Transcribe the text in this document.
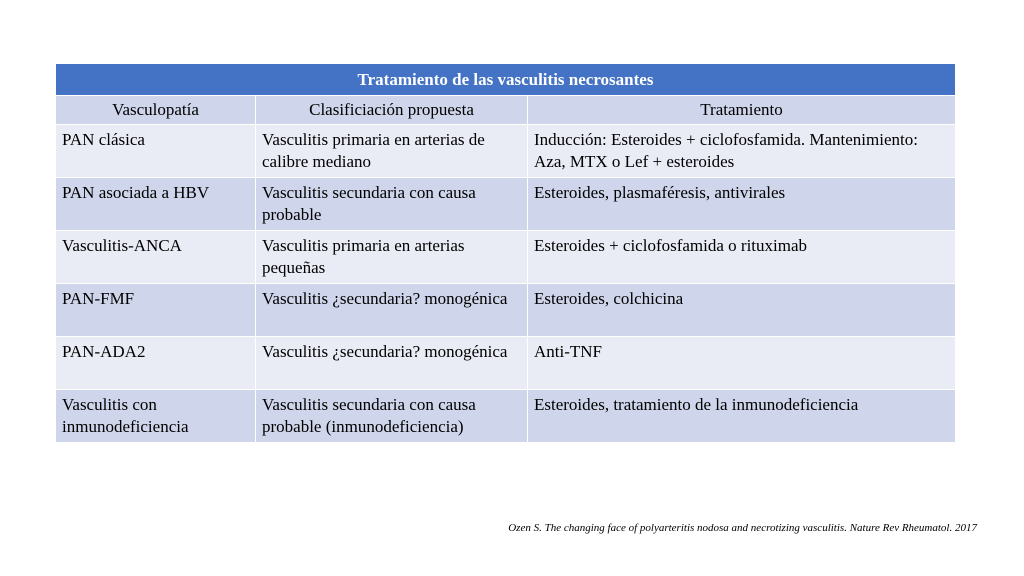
Tratamiento de las vasculitis necrosantes		
Vasculopatía	Clasificiación propuesta	Tratamiento
PAN clásica	Vasculitis primaria en arterias de calibre mediano	Inducción: Esteroides + ciclofosfamida. Mantenimiento: Aza, MTX o Lef + esteroides
PAN asociada a HBV	Vasculitis secundaria con causa probable	Esteroides, plasmaféresis, antivirales
Vasculitis-ANCA	Vasculitis primaria en arterias pequeñas	Esteroides + ciclofosfamida o rituximab
PAN-FMF	Vasculitis ¿secundaria? monogénica	Esteroides, colchicina
PAN-ADA2	Vasculitis ¿secundaria? monogénica	Anti-TNF
Vasculitis con inmunodeficiencia	Vasculitis secundaria con causa probable (inmunodeficiencia)	Esteroides, tratamiento de la inmunodeficiencia
Ozen S. The changing face of polyarteritis nodosa and necrotizing vasculitis. Nature Rev Rheumatol. 2017
